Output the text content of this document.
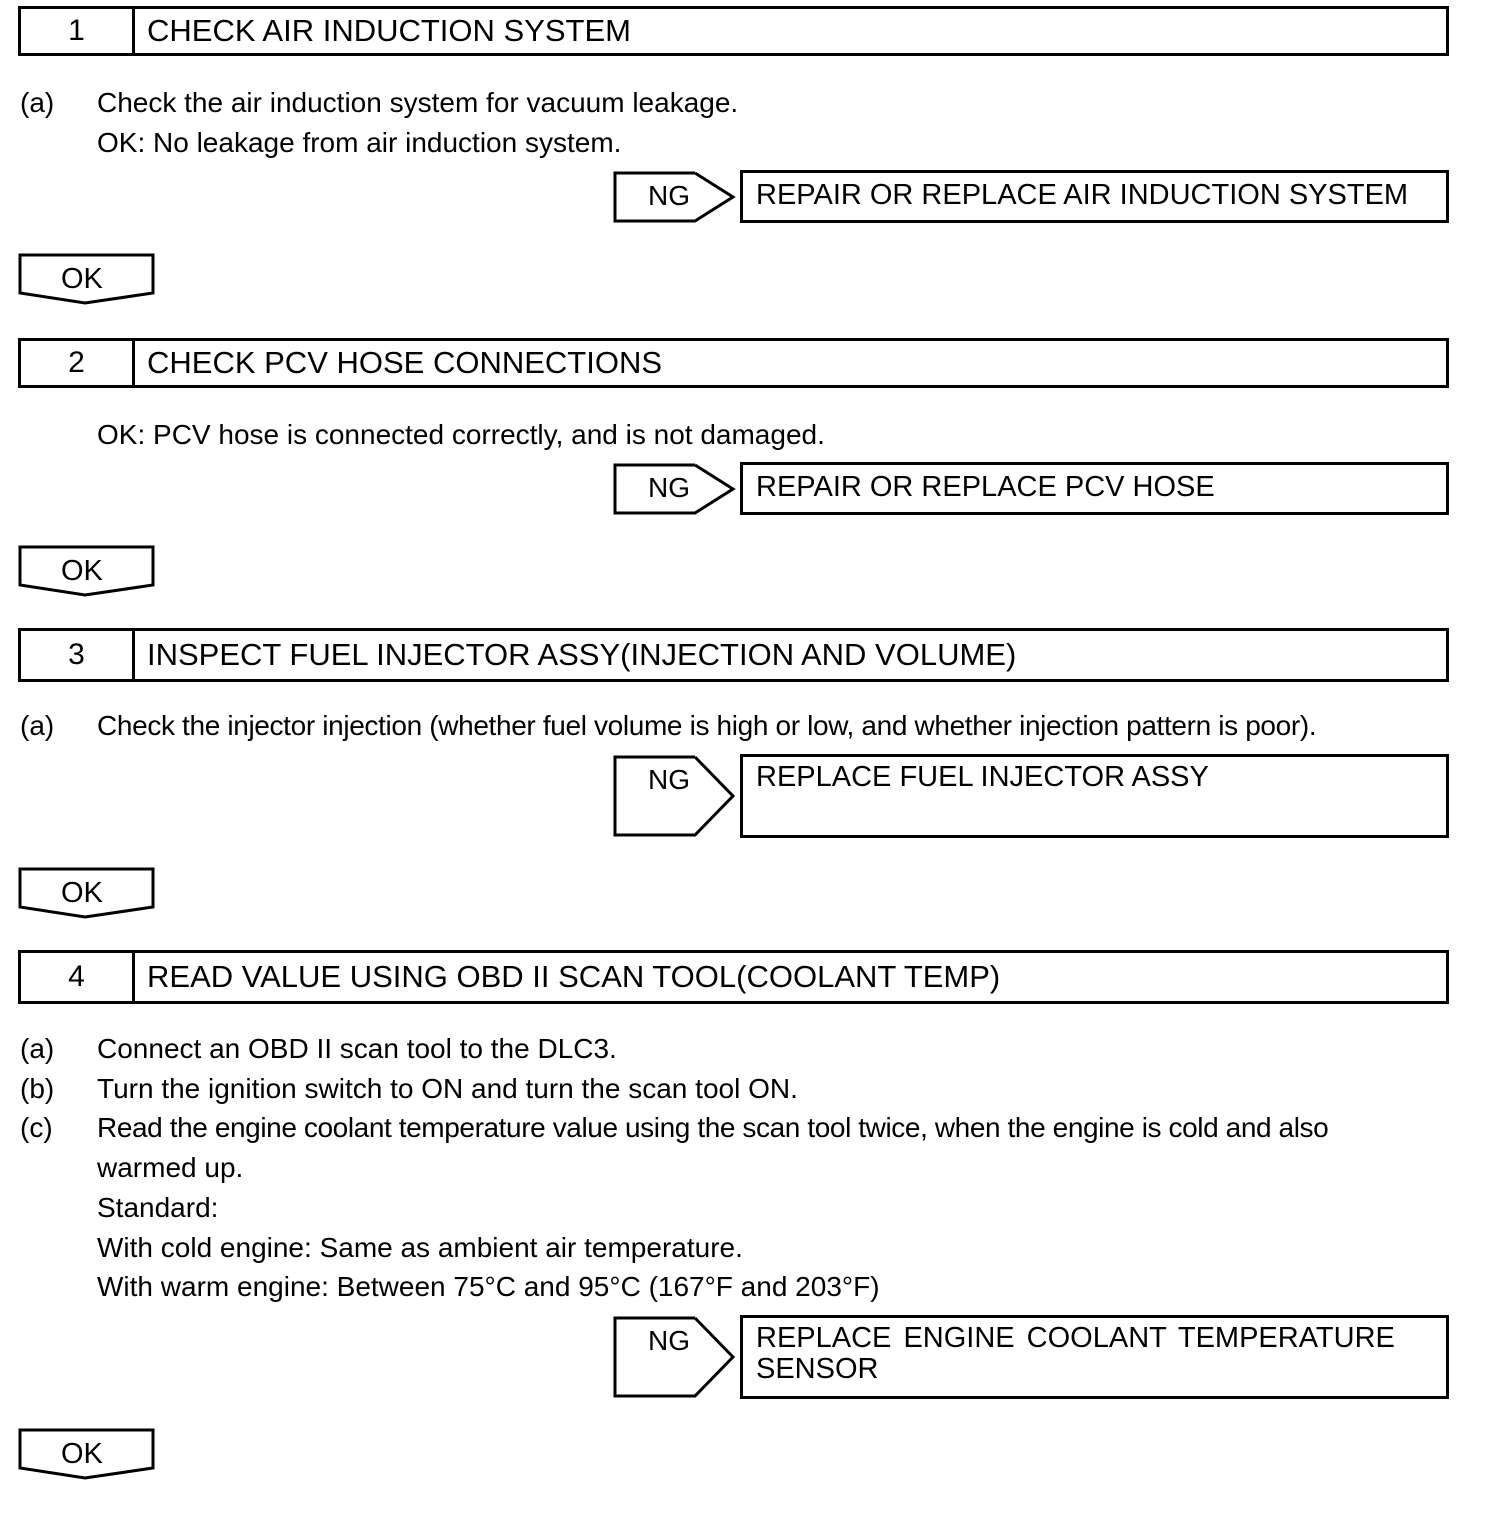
1	CHECK AIR INDUCTION SYSTEM
(a) Check the air induction system for vacuum leakage.
OK: No leakage from air induction system.
NG REPAIR OR REPLACE AIR INDUCTION SYSTEM
OK
2	CHECK PCV HOSE CONNECTIONS
OK: PCV hose is connected correctly, and is not damaged.
NG REPAIR OR REPLACE PCV HOSE
OK
3	INSPECT FUEL INJECTOR ASSY(INJECTION AND VOLUME)
(a) Check the injector injection (whether fuel volume is high or low, and whether injection pattern is poor).
NG REPLACE FUEL INJECTOR ASSY
OK
4	READ VALUE USING OBD II SCAN TOOL(COOLANT TEMP)
(a) Connect an OBD II scan tool to the DLC3.
(b) Turn the ignition switch to ON and turn the scan tool ON.
(c) Read the engine coolant temperature value using the scan tool twice, when the engine is cold and also
warmed up.
Standard:
With cold engine: Same as ambient air temperature.
With warm engine: Between 75°C and 95°C (167°F and 203°F)
NG REPLACE ENGINE COOLANT TEMPERATURE
SENSOR
OK
